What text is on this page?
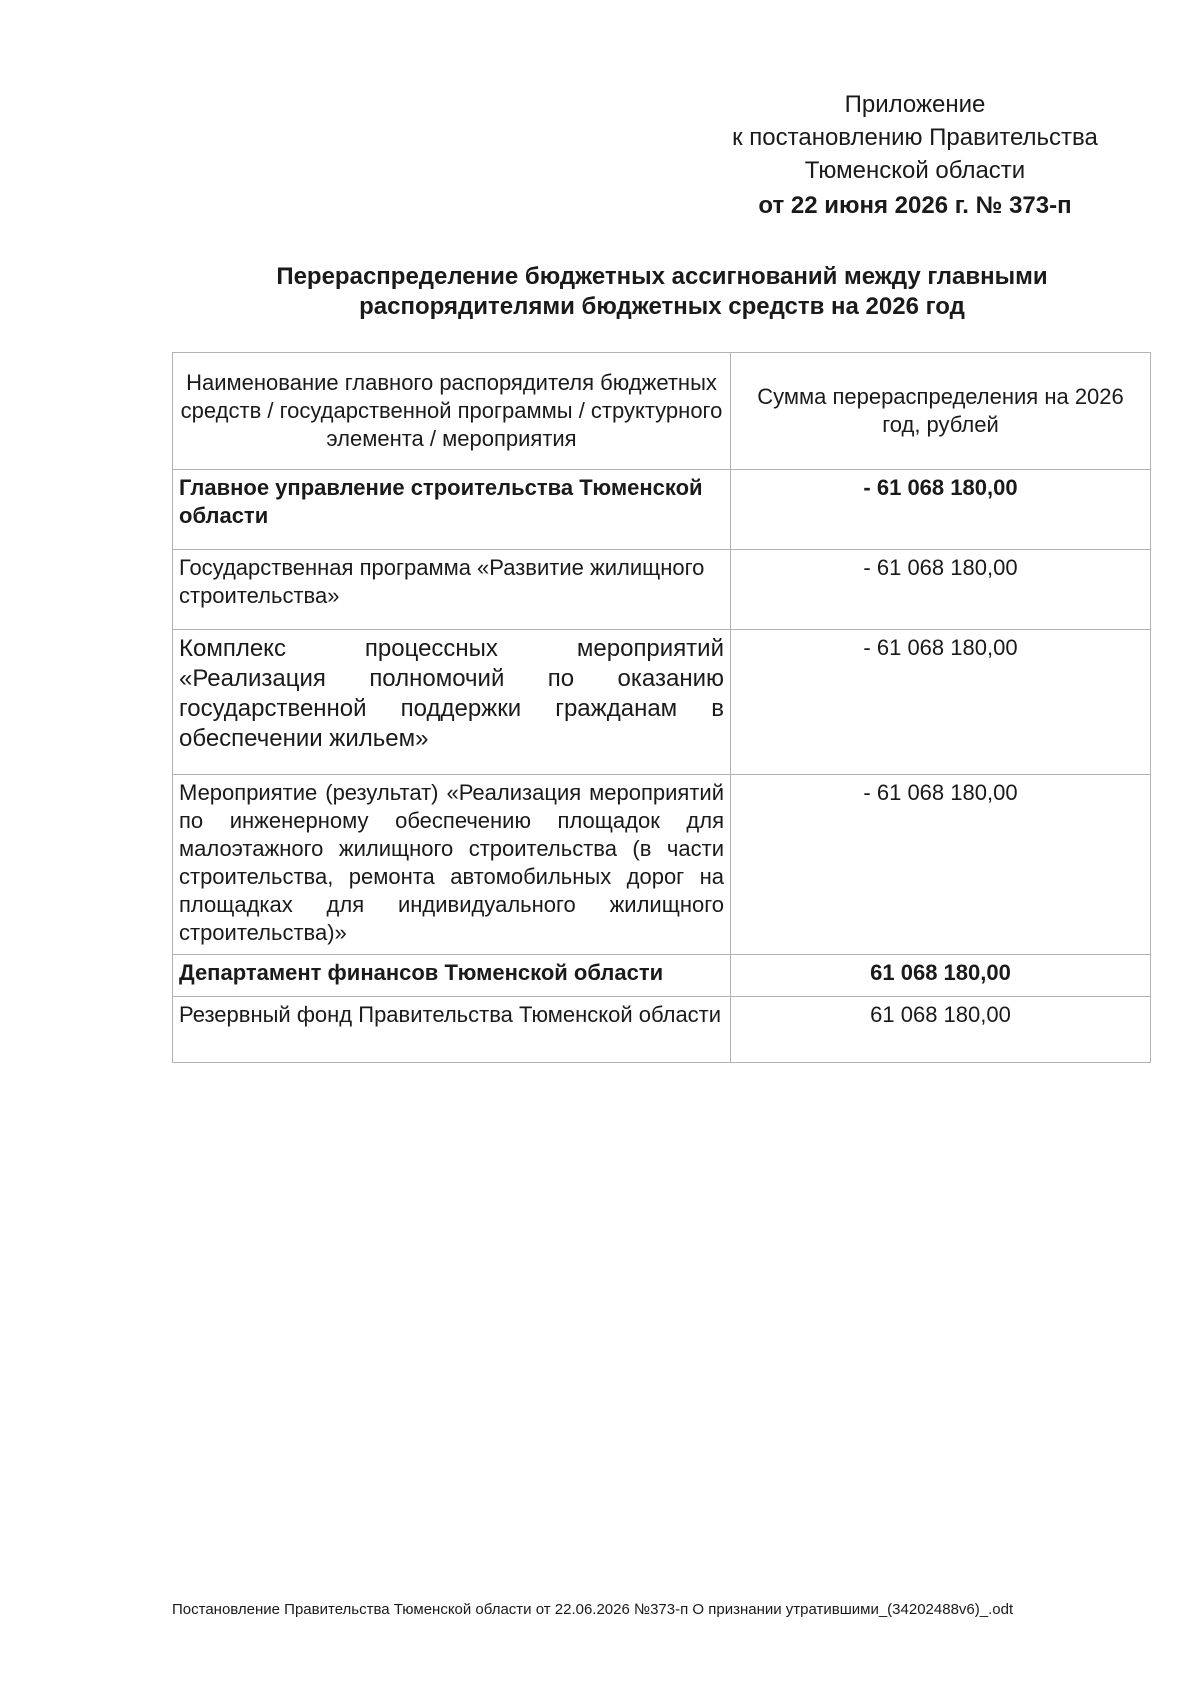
Приложение
к постановлению Правительства
Тюменской области
от 22 июня 2026 г. № 373-п
Перераспределение бюджетных ассигнований между главными распорядителями бюджетных средств на 2026 год
Наименование главного распорядителя бюджетных средств / государственной программы / структурного элемента / мероприятия	Сумма перераспределения на 2026 год, рублей
Главное управление строительства Тюменской области	- 61 068 180,00
Государственная программа «Развитие жилищного строительства»	- 61 068 180,00
Комплекс процессных мероприятий «Реализация полномочий по оказанию государственной поддержки гражданам в обеспечении жильем»	- 61 068 180,00
Мероприятие (результат) «Реализация мероприятий по инженерному обеспечению площадок для малоэтажного жилищного строительства (в части строительства, ремонта автомобильных дорог на площадках для индивидуального жилищного строительства)»	- 61 068 180,00
Департамент финансов Тюменской области	61 068 180,00
Резервный фонд Правительства Тюменской области	61 068 180,00
Постановление Правительства Тюменской области от 22.06.2026 №373-п О признании утратившими_(34202488v6)_.odt
